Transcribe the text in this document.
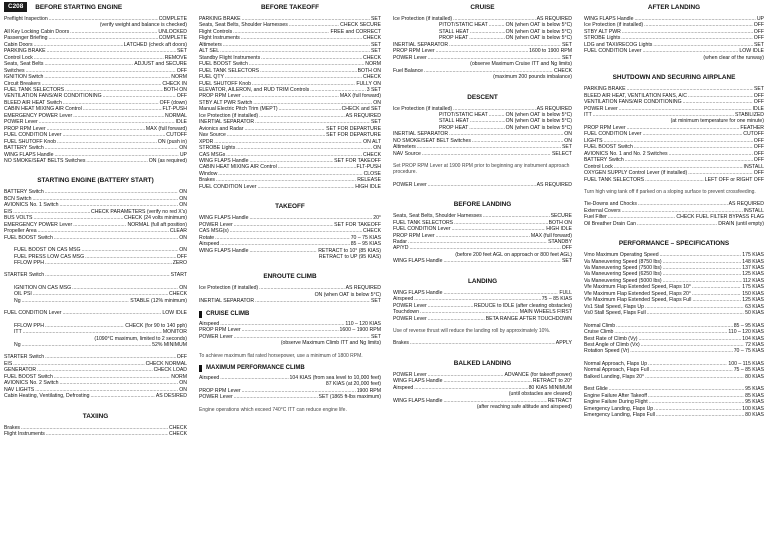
C208	BEFORE STARTING ENGINE
Preflight Inspection .....	COMPLETE
(verify weight and balance is checked)
All Key Locking Cabin Doors .....	UNLOCKED
Passenger Briefing .....	COMPLETE
Cabin Doors .....	LATCHED (check aft doors)
PARKING BRAKE .....	SET
Control Lock .....	REMOVE
Seats, Seat Belts .....	ADJUST and SECURE
Switches .....	OFF
IGNITION Switch .....	NORM
Circuit Breakers .....	CHECK IN
FUEL TANK SELECTORS .....	BOTH ON
VENTILATION FANS/AIR CONDITIONING .....	OFF
BLEED AIR HEAT Switch .....	OFF (down)
CABIN HEAT MIXING AIR Control .....	FLT-PUSH
EMERGENCY POWER Lever .....	NORMAL
POWER Lever .....	IDLE
PROP RPM Lever .....	MAX (full forward)
FUEL CONDITION Lever .....	CUTOFF
FUEL SHUTOFF Knob .....	ON (push in)
BATTERY Switch .....	ON
WING FLAPS Handle .....	UP
NO SMOKE/SEAT BELTS Switches .....	ON (as required)
STARTING ENGINE (BATTERY START)
BATTERY Switch .....	ON
BCN Switch .....	ON
AVIONICS No. 1 Switch .....	ON
EIS .....	CHECK PARAMETERS (verify no red X's)
BUS VOLTS .....	CHECK (24 volts minimum)
EMERGENCY POWER Lever .....	NORMAL (full aft position)
Propeller Area .....	CLEAR
FUEL BOOST Switch .....	ON
FUEL BOOST ON CAS MSG .....	ON
FUEL PRESS LOW CAS MSG .....	OFF
FFLOW PPH .....	ZERO
STARTER Switch .....	START
IGNITION ON CAS MSG .....	ON
OIL PSI .....	CHECK
Ng .....	STABLE (12% minimum)
FUEL CONDITION Lever .....	LOW IDLE
FFLOW PPH .....	CHECK (for 90 to 140 pph)
ITT .....	MONITOR
(1090°C maximum, limited to 2 seconds)
Ng .....	52% MINIMUM
STARTER Switch .....	OFF
EIS .....	CHECK NORMAL
GENERATOR .....	CHECK LOAD
FUEL BOOST Switch .....	NORM
AVIONICS No. 2 Switch .....	ON
NAV LIGHTS .....	ON
Cabin Heating, Ventilating, Defrosting .....	AS DESIRED
TAXIING
Brakes .....	CHECK
Flight Instruments .....	CHECK
BEFORE TAKEOFF
PARKING BRAKE .....	SET
Seats, Seat Belts, Shoulder Harnesses .....	CHECK SECURE
Flight Controls .....	FREE and CORRECT
Flight Instruments .....	CHECK
Altimeters .....	SET
ALT SEL .....	SET
Standby Flight Instruments .....	CHECK
FUEL BOOST Switch .....	NORM
FUEL TANK SELECTORS .....	BOTH ON
FUEL QTY .....	CHECK
FUEL SHUTOFF Knob .....	FULLY ON
ELEVATOR, AILERON, and RUD TRIM Controls .....	3 SET
PROP RPM Lever .....	MAX (full forward)
STBY ALT PWR Switch .....	ON
Manual Electric Pitch Trim (MEPT) .....	CHECK and SET
Ice Protection (if installed) .....	AS REQUIRED
INERTIAL SEPARATOR .....	SET
Avionics and Radar .....	SET FOR DEPARTURE
Nav Source .....	SET FOR DEPARTURE
XPDR .....	ON ALT
STROBE Lights .....	ON
CAS MSGs .....	CHECK
WING FLAPS Handle .....	SET FOR TAKEOFF
CABIN HEAT MIXING AIR Control .....	FLT-PUSH
Window .....	CLOSE
Brakes .....	RELEASE
FUEL CONDITION Lever .....	HIGH IDLE
TAKEOFF
WING FLAPS Handle .....	20°
POWER Lever .....	SET FOR TAKEOFF
CAS MSG(s) .....	CHECK
Rotate .....	70 – 75 KIAS
Airspeed .....	85 – 95 KIAS
WING FLAPS Handle .....	RETRACT to 10° (85 KIAS)
RETRACT to UP (95 KIAS)
ENROUTE CLIMB
Ice Protection (if installed) .....	AS REQUIRED
ON (when OAT is below 5°C)
INERTIAL SEPARATOR .....	SET
CRUISE CLIMB
Airspeed .....	110 – 120 KIAS
PROP RPM Lever .....	1600 – 1900 RPM
POWER Lever .....	SET
(observe Maximum Climb ITT and Ng limits)
To achieve maximum flat rated horsepower, use a minimum of 1800 RPM.
MAXIMUM PERFORMANCE CLIMB
Airspeed .....	104 KIAS (from sea level to 10,000 feet)
87 KIAS (at 20,000 feet)
PROP RPM Lever .....	1900 RPM
POWER Lever .....	SET (1865 ft-lbs maximum)
Engine operations which exceed 740°C ITT can reduce engine life.
CRUISE
Ice Protection (if installed) .....	AS REQUIRED
PITOT/STATIC HEAT .....	ON (when OAT is below 5°C)
STALL HEAT .....	ON (when OAT is below 5°C)
PROP HEAT .....	ON (when OAT is below 5°C)
INERTIAL SEPARATOR .....	SET
PROP RPM Lever .....	1600 to 1900 RPM
POWER Lever .....	SET
(observe Maximum Cruise ITT and Ng limits)
Fuel Balance .....	CHECK
(maximum 200 pounds imbalance)
DESCENT
Ice Protection (if installed) .....	AS REQUIRED
PITOT/STATIC HEAT .....	ON (when OAT is below 5°C)
STALL HEAT .....	ON (when OAT is below 5°C)
PROP HEAT .....	ON (when OAT is below 5°C)
INERTIAL SEPARATOR .....	ON
NO SMOKE/SEAT BELT Switches .....	ON
Altimeters .....	SET
NAV Source .....	SELECT
Set PROP RPM Lever at 1900 RPM prior to beginning any instrument approach procedure.
POWER Lever .....	AS REQUIRED
BEFORE LANDING
Seats, Seat Belts, Shoulder Harnesses .....	SECURE
FUEL TANK SELECTORS .....	BOTH ON
FUEL CONDITION Lever .....	HIGH IDLE
PROP RPM Lever .....	MAX (full forward)
Radar .....	STANDBY
AP/YD .....	OFF
(before 200 feet AGL on approach or 800 feet AGL)
WING FLAPS Handle .....	SET
LANDING
WING FLAPS Handle .....	FULL
Airspeed .....	75 – 85 KIAS
POWER Lever .....	REDUCE to IDLE (after clearing obstacles)
Touchdown .....	MAIN WHEELS FIRST
POWER Lever .....	BETA RANGE AFTER TOUCHDOWN
Use of reverse thrust will reduce the landing roll by approximately 10%.
Brakes .....	APPLY
BALKED LANDING
POWER Lever .....	ADVANCE (for takeoff power)
WING FLAPS Handle .....	RETRACT to 20°
Airspeed .....	80 KIAS MINIMUM
(until obstacles are cleared)
WING FLAPS Handle .....	RETRACT
(after reaching safe altitude and airspeed)
AFTER LANDING
WING FLAPS Handle .....	UP
Ice Protection (if installed) .....	OFF
STBY ALT PWR .....	OFF
STROBE Lights .....	OFF
LDG and TAXI/RECOG Lights .....	SET
FUEL CONDITION Lever .....	LOW IDLE
(when clear of the runway)
SHUTDOWN AND SECURING AIRPLANE
PARKING BRAKE .....	SET
BLEED AIR HEAT, VENTILATION FANS, A/C .....	OFF
VENTILATION FANS/AIR CONDITIONING .....	OFF
POWER Lever .....	IDLE
ITT .....	STABILIZED
(at minimum temperature for one minute)
PROP RPM Lever .....	FEATHER
FUEL CONDITION Lever .....	CUTOFF
LIGHTS .....	OFF
FUEL BOOST Switch .....	OFF
AVIONICS No. 1 and No. 2 Switches .....	OFF
BATTERY Switch .....	OFF
Control Lock .....	INSTALL
OXYGEN SUPPLY Control Lever (if installed) .....	OFF
FUEL TANK SELECTORS .....	LEFT OFF or RIGHT OFF
Turn high wing tank off if parked on a sloping surface to prevent crossfeeding.
Tie-Downs and Chocks .....	AS REQUIRED
External Covers .....	INSTALL
Fuel Filter .....	CHECK FUEL FILTER BYPASS FLAG
Oil Breather Drain Can .....	DRAIN (until empty)
PERFORMANCE – SPECIFICATIONS
Vmo Maximum Operating Speed .....	175 KIAS
Va Maneuvering Speed (8750 lbs) .....	148 KIAS
Va Maneuvering Speed (7500 lbs) .....	137 KIAS
Va Maneuvering Speed (6250 lbs) .....	125 KIAS
Va Maneuvering Speed (5000 lbs) .....	112 KIAS
Vfe Maximum Flap Extended Speed, Flaps 10° .....	175 KIAS
Vfe Maximum Flap Extended Speed, Flaps 20° .....	150 KIAS
Vfe Maximum Flap Extended Speed, Flaps Full .....	125 KIAS
Vs1 Stall Speed, Flaps Up .....	63 KIAS
Vs0 Stall Speed, Flaps Full .....	50 KIAS
Normal Climb .....	85 – 95 KIAS
Cruise Climb .....	110 – 120 KIAS
Best Rate of Climb (Vy) .....	104 KIAS
Best Angle of Climb (Vx) .....	72 KIAS
Rotation Speed (Vr) .....	70 – 75 KIAS
Normal Approach, Flaps Up .....	100 – 115 KIAS
Normal Approach, Flaps Full .....	75 – 85 KIAS
Balked Landing, Flaps 20° .....	80 KIAS
Best Glide .....	95 KIAS
Engine Failure After Takeoff .....	85 KIAS
Engine Failure During Flight .....	95 KIAS
Emergency Landing, Flaps Up .....	100 KIAS
Emergency Landing, Flaps Full .....	80 KIAS
